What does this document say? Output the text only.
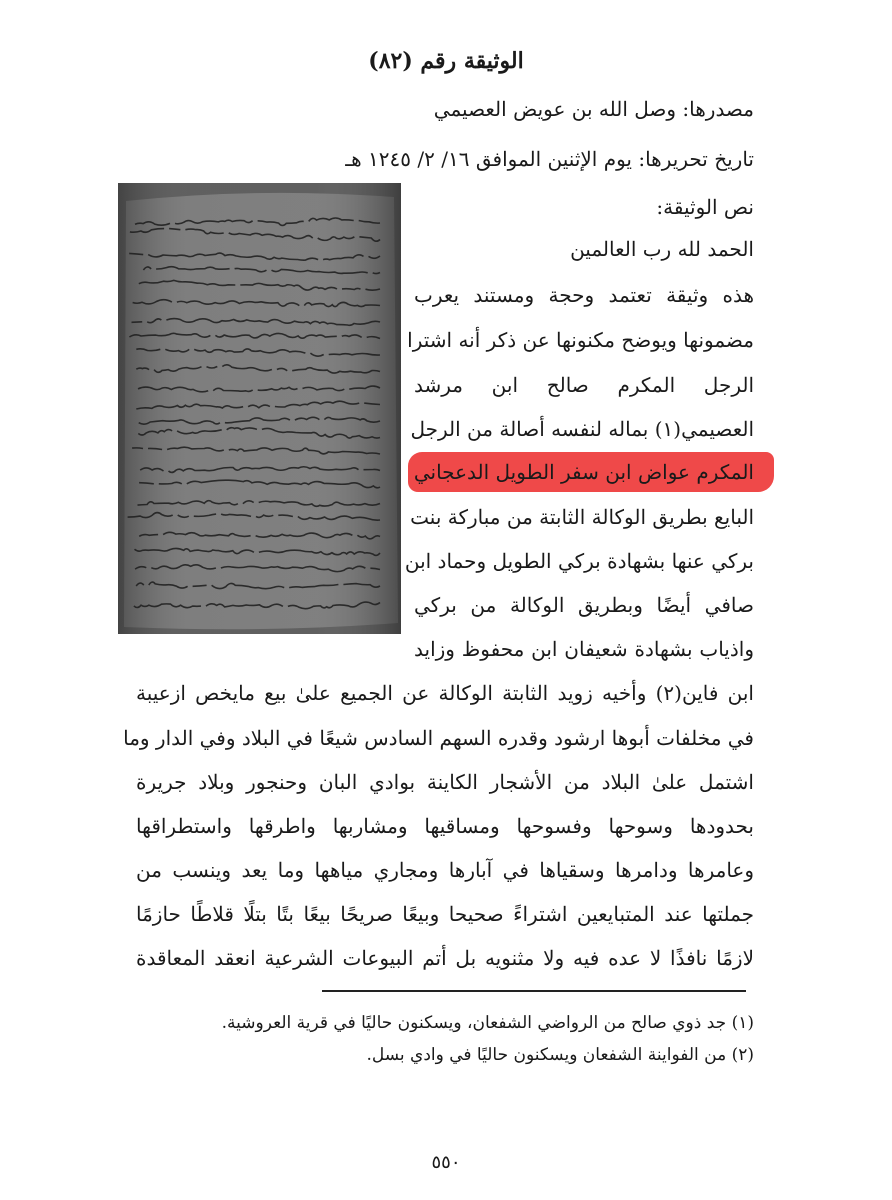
الوثيقة رقم (٨٢)
مصدرها: وصل الله بن عويض العصيمي
تاريخ تحريرها: يوم الإثنين الموافق ١٦/ ٢/ ١٢٤٥ هـ
نص الوثيقة:
الحمد لله رب العالمين
هذه وثيقة تعتمد وحجة ومستند يعرب
مضمونها ويوضح مكنونها عن ذكر أنه اشترا
الرجل المكرم صالح ابن مرشد
العصيمي(١) بماله لنفسه أصالة من الرجل
المكرم عواض ابن سفر الطويل الدعجاني
البايع بطريق الوكالة الثابتة من مباركة بنت
بركي عنها بشهادة بركي الطويل وحماد ابن
صافي أيضًا وبطريق الوكالة من بركي
واذياب بشهادة شعيفان ابن محفوظ وزايد
ابن فاين(٢) وأخيه زويد الثابتة الوكالة عن الجميع علىٰ بيع مايخص ازعيبة
في مخلفات أبوها ارشود وقدره السهم السادس شيعًا في البلاد وفي الدار وما
اشتمل علىٰ البلاد من الأشجار الكاينة بوادي البان وحنجور وبلاد جريرة
بحدودها وسوحها وفسوحها ومساقيها ومشاربها واطرقها واستطراقها
وعامرها ودامرها وسقياها في آبارها ومجاري مياهها وما يعد وينسب من
جملتها عند المتبايعين اشتراءً صحيحا وبيعًا صريحًا بيعًا بتًا بتلًا قلاطًا حازمًا
لازمًا نافذًا لا عده فيه ولا مثنويه بل أتم البيوعات الشرعية انعقد المعاقدة
(١) جد ذوي صالح من الرواضي الشفعان، ويسكنون حاليًا في قرية العروشية.
(٢) من الفواينة الشفعان ويسكنون حاليًا في وادي بسل.
٥٥٠
